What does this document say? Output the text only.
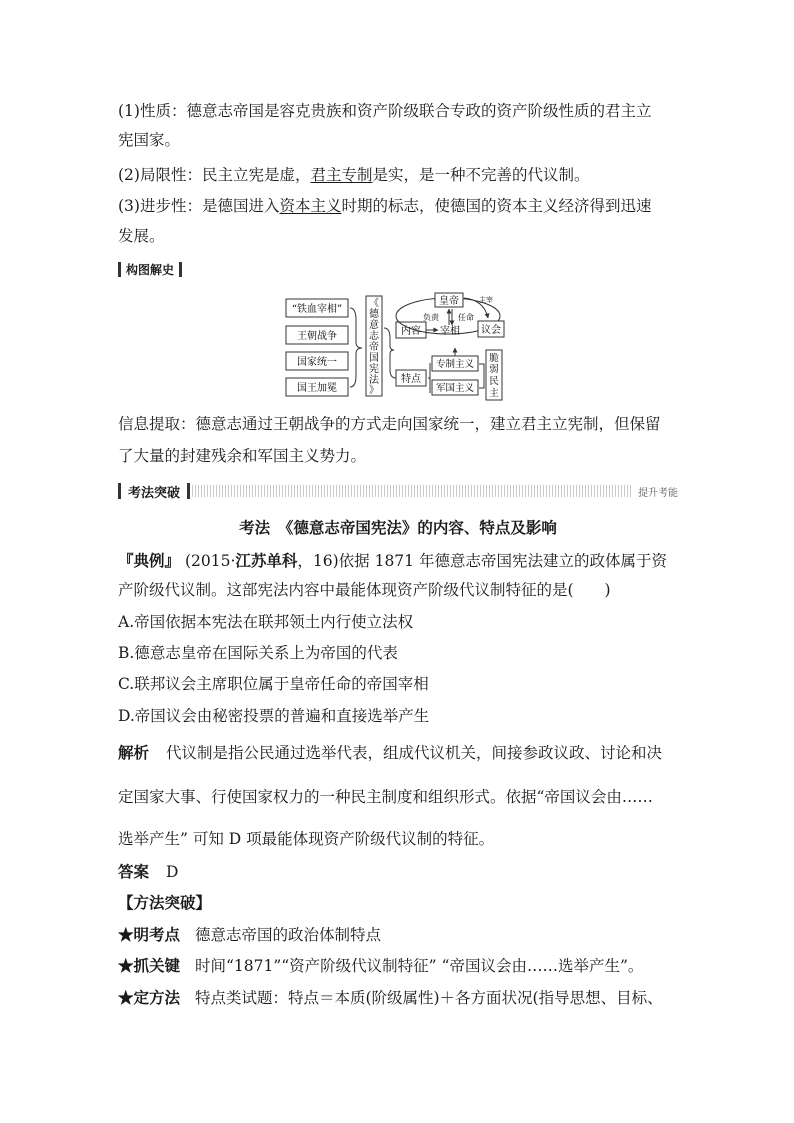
(1)性质：德意志帝国是容克贵族和资产阶级联合专政的资产阶级性质的君主立
宪国家。
(2)局限性：民主立宪是虚，君主专制是实，是一种不完善的代议制。
(3)进步性：是德国进入资本主义时期的标志，使德国的资本主义经济得到迅速
发展。
构图解史
“铁血宰相”
王朝战争
国家统一
国王加冕
《
德
意
志
帝
国
宪
法
》
内容
皇帝
负责 任命
宰相
主宰
议会
特点
专制主义
军国主义
脆
弱
民
主
信息提取：德意志通过王朝战争的方式走向国家统一，建立君主立宪制，但保留
了大量的封建残余和军国主义势力。
考法突破	提升考能
考法　《德意志帝国宪法》的内容、特点及影响
『典例』 (2015·江苏单科，16)依据 1871 年德意志帝国宪法建立的政体属于资
产阶级代议制。这部宪法内容中最能体现资产阶级代议制特征的是(　　)
A.帝国依据本宪法在联邦领土内行使立法权
B.德意志皇帝在国际关系上为帝国的代表
C.联邦议会主席职位属于皇帝任命的帝国宰相
D.帝国议会由秘密投票的普遍和直接选举产生
解析 代议制是指公民通过选举代表，组成代议机关，间接参政议政、讨论和决
定国家大事、行使国家权力的一种民主制度和组织形式。依据“帝国议会由……
选举产生” 可知 D 项最能体现资产阶级代议制的特征。
答案 D
【方法突破】
★明考点 德意志帝国的政治体制特点
★抓关键 时间“1871”“资产阶级代议制特征” “帝国议会由……选举产生”。
★定方法 特点类试题：特点＝本质(阶级属性)＋各方面状况(指导思想、目标、
